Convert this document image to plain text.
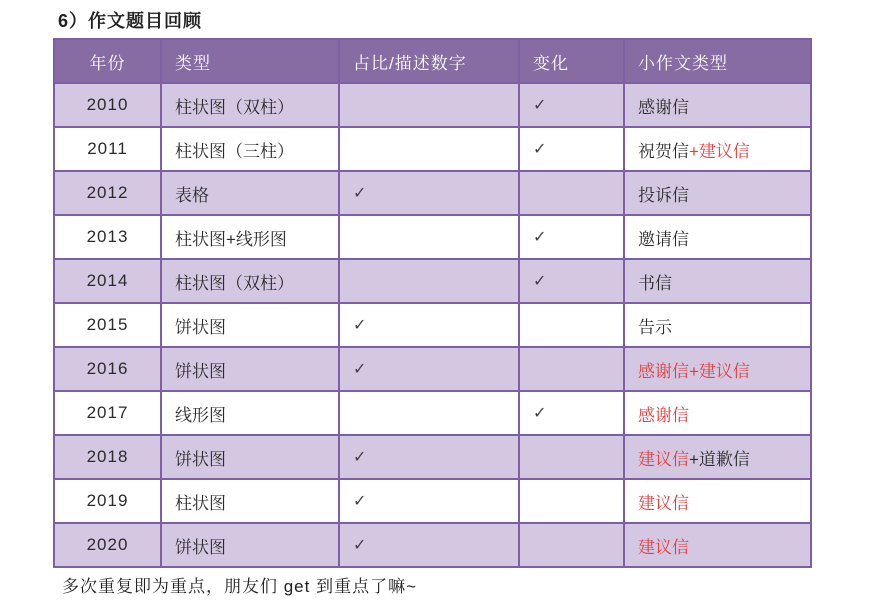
6）作文题目回顾
年份	类型	占比/描述数字	变化	小作文类型
2010	柱状图（双柱）		✓	感谢信
2011	柱状图（三柱）		✓	祝贺信+建议信
2012	表格	✓		投诉信
2013	柱状图+线形图		✓	邀请信
2014	柱状图（双柱）		✓	书信
2015	饼状图	✓		告示
2016	饼状图	✓		感谢信+建议信
2017	线形图		✓	感谢信
2018	饼状图	✓		建议信+道歉信
2019	柱状图	✓		建议信
2020	饼状图	✓		建议信
多次重复即为重点，朋友们 get 到重点了嘛~
